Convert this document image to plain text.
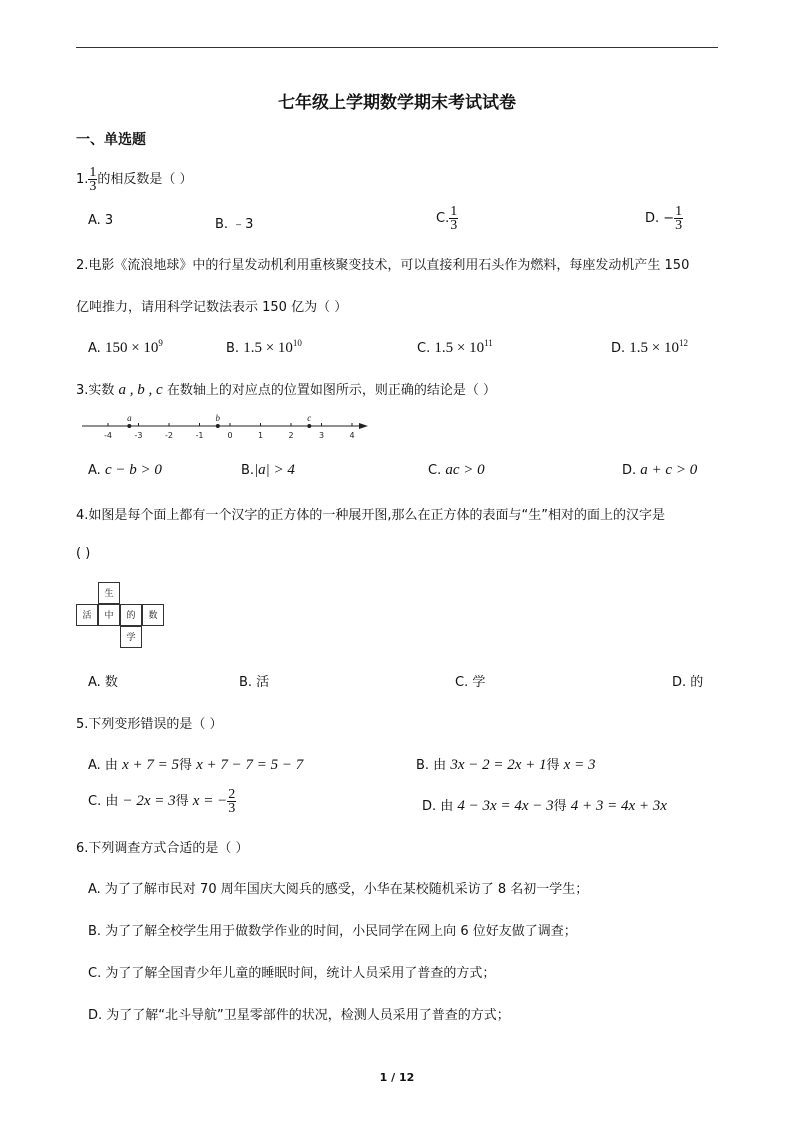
七年级上学期数学期末考试试卷
一、单选题
1. $\frac{1}{3}$ 的相反数是（ ）
A. 3	B. ﹣3	C. $\frac{1}{3}$	D. − $\frac{1}{3}$
2.电影《流浪地球》中的行星发动机利用重核聚变技术，可以直接利用石头作为燃料，每座发动机产生 150
亿吨推力，请用科学记数法表示 150 亿为（ ）
A. $150 \times 10^9$	B. $1.5 \times 10^{10}$	C. $1.5 \times 10^{11}$	D. $1.5 \times 10^{12}$
3.实数 a , b , c 在数轴上的对应点的位置如图所示，则正确的结论是（ ）
-4	-3	-2	-1	0	1	2	3	4
a	b	c
A. c − b > 0	B.|a| > 4	C. ac > 0	D. a + c > 0
4.如图是每个面上都有一个汉字的正方体的一种展开图,那么在正方体的表面与“生”相对的面上的汉字是
( )
生
活	中	的	数
学
A. 数	B. 活	C. 学	D. 的
5.下列变形错误的是（ ）
A. 由 x + 7 = 5得 x + 7 − 7 = 5 − 7	B. 由 3x − 2 = 2x + 1得 x = 3
C. 由 − 2x = 3得 x = − $\frac{2}{3}$	D. 由 4 − 3x = 4x − 3得 4 + 3 = 4x + 3x
6.下列调查方式合适的是（ ）
A. 为了了解市民对 70 周年国庆大阅兵的感受，小华在某校随机采访了 8 名初一学生；
B. 为了了解全校学生用于做数学作业的时间，小民同学在网上向 6 位好友做了调查；
C. 为了了解全国青少年儿童的睡眠时间，统计人员采用了普查的方式；
D. 为了了解“北斗导航”卫星零部件的状况，检测人员采用了普查的方式；
1 / 12
